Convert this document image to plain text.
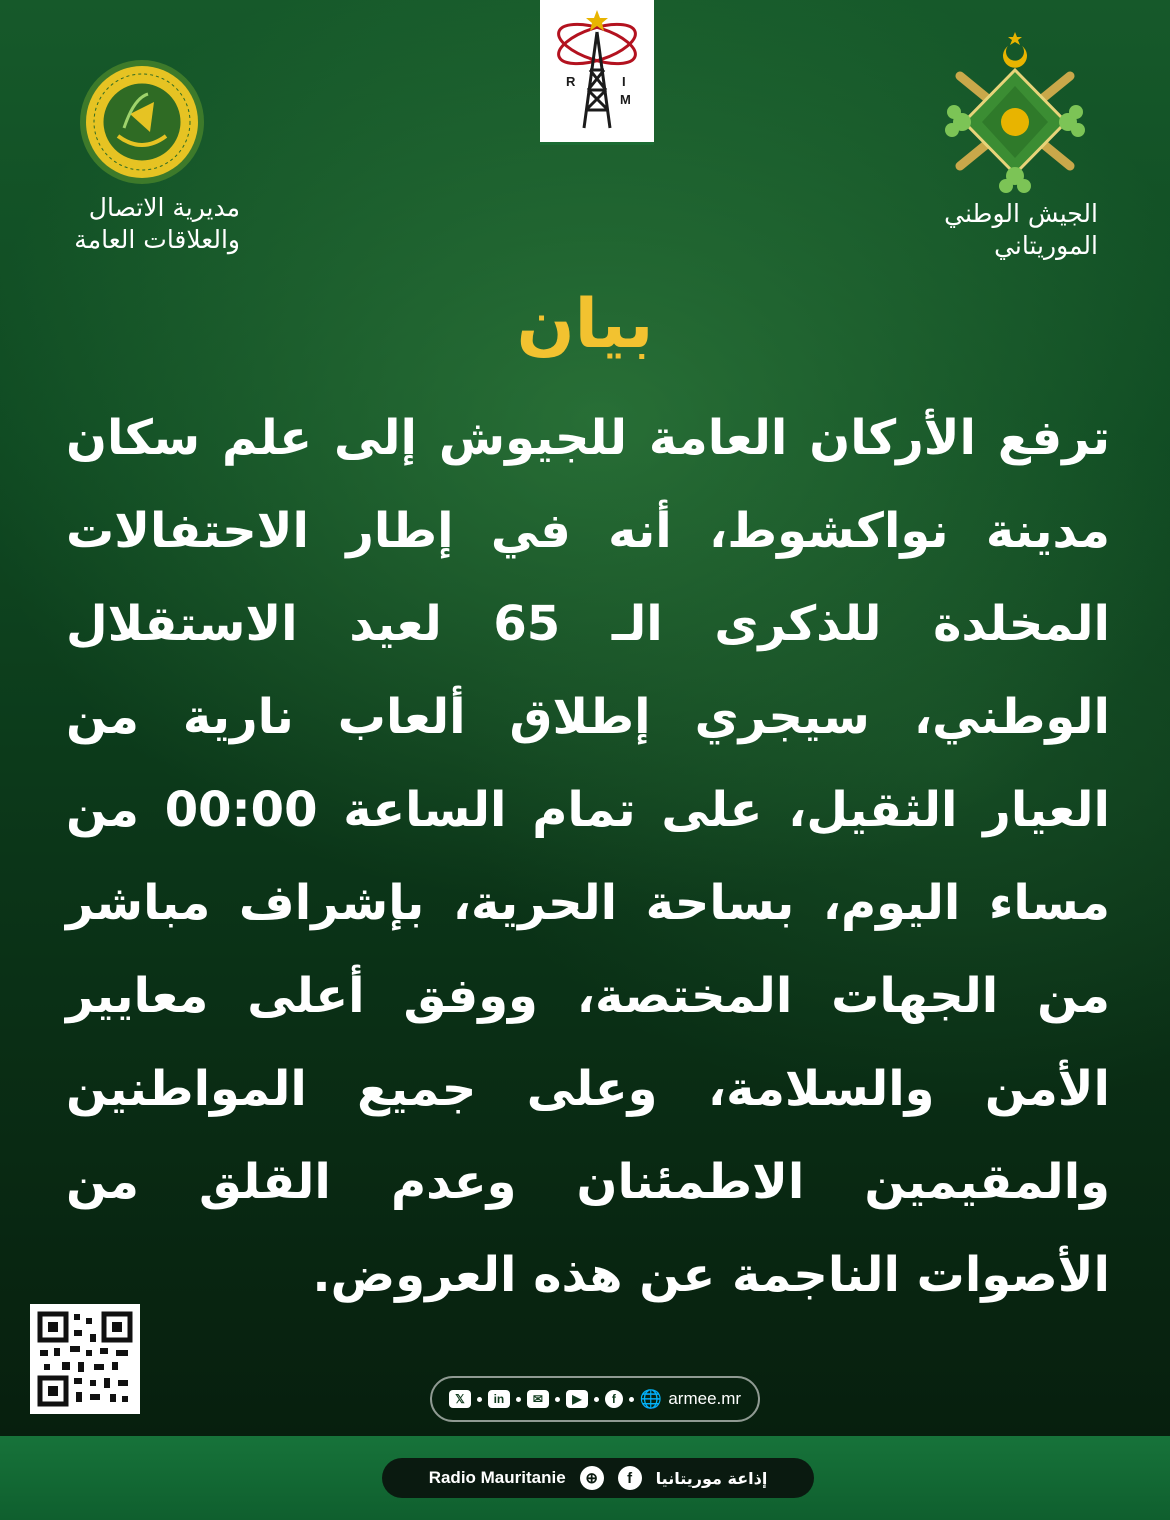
R	I
M
مديرية الاتصال
والعلاقات العامة
الجيش الوطني
الموريتاني
بيان
ترفع الأركان العامة للجيوش إلى علم سكان مدينة نواكشوط، أنه في إطار الاحتفالات المخلدة للذكرى الـ 65 لعيد الاستقلال الوطني، سيجري إطلاق ألعاب نارية من العيار الثقيل، على تمام الساعة 00:00 من مساء اليوم، بساحة الحرية، بإشراف مباشر من الجهات المختصة، ووفق أعلى معايير الأمن والسلامة، وعلى جميع المواطنين والمقيمين الاطمئنان وعدم القلق من الأصوات الناجمة عن هذه العروض.
𝕏	in	✉	▶	f	🌐 armee.mr
Radio Mauritanie	⊕	f	إذاعة موريتانيا
